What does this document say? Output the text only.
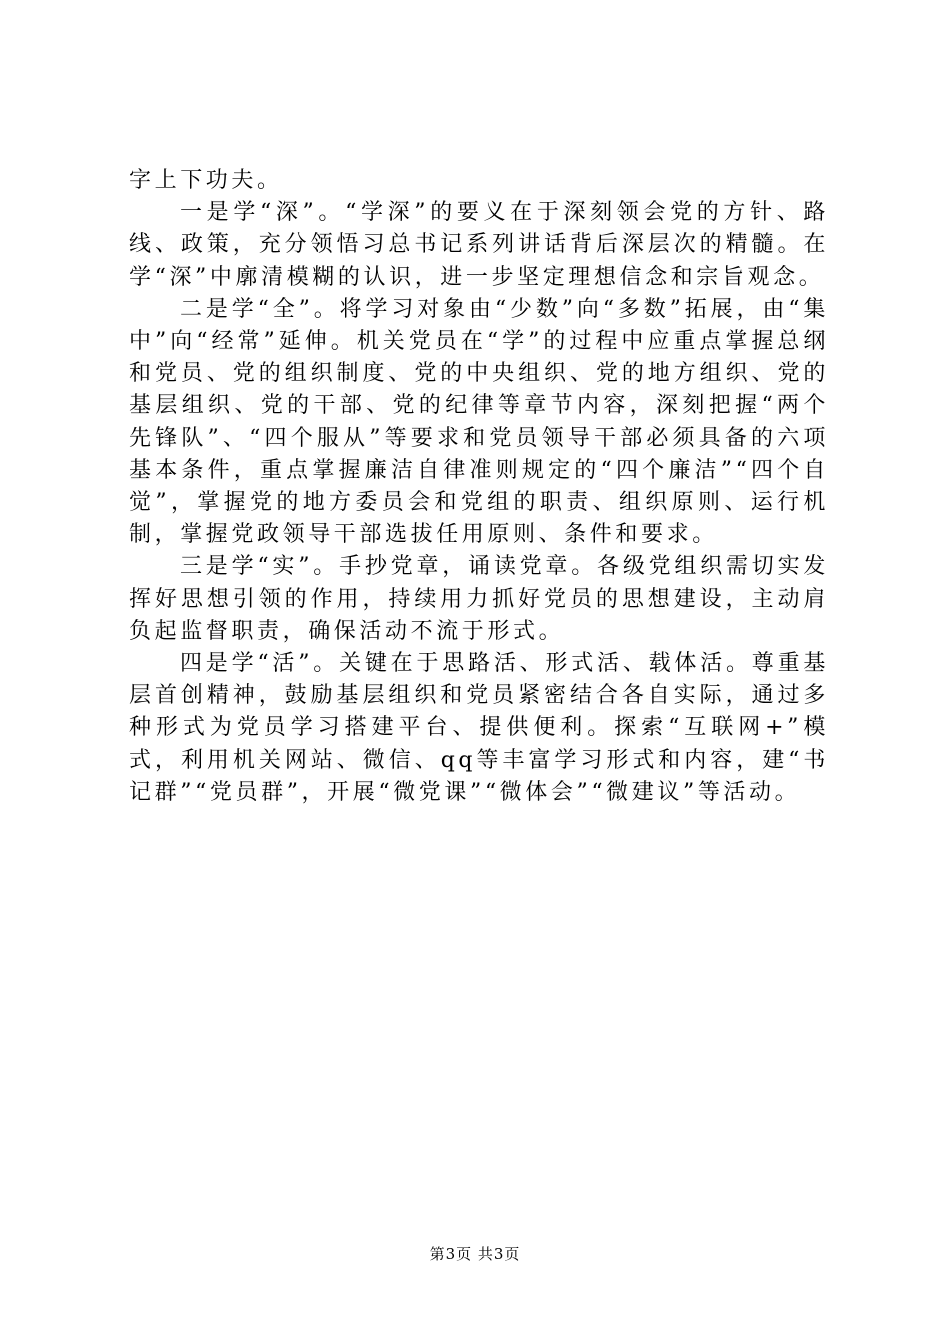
字上下功夫。

一是学“深”。“学深”的要义在于深刻领会党的方针、路线、政策，充分领悟习总书记系列讲话背后深层次的精髓。在学“深”中廓清模糊的认识，进一步坚定理想信念和宗旨观念。

二是学“全”。将学习对象由“少数”向“多数”拓展，由“集中”向“经常”延伸。机关党员在“学”的过程中应重点掌握总纲和党员、党的组织制度、党的中央组织、党的地方组织、党的基层组织、党的干部、党的纪律等章节内容，深刻把握“两个先锋队”、“四个服从”等要求和党员领导干部必须具备的六项基本条件，重点掌握廉洁自律准则规定的“四个廉洁”“四个自觉”，掌握党的地方委员会和党组的职责、组织原则、运行机制，掌握党政领导干部选拔任用原则、条件和要求。

三是学“实”。手抄党章，诵读党章。各级党组织需切实发挥好思想引领的作用，持续用力抓好党员的思想建设，主动肩负起监督职责，确保活动不流于形式。

四是学“活”。关键在于思路活、形式活、载体活。尊重基层首创精神，鼓励基层组织和党员紧密结合各自实际，通过多种形式为党员学习搭建平台、提供便利。探索“互联网+”模式，利用机关网站、微信、qq等丰富学习形式和内容，建“书记群”“党员群”，开展“微党课”“微体会”“微建议”等活动。

第3页 共3页
